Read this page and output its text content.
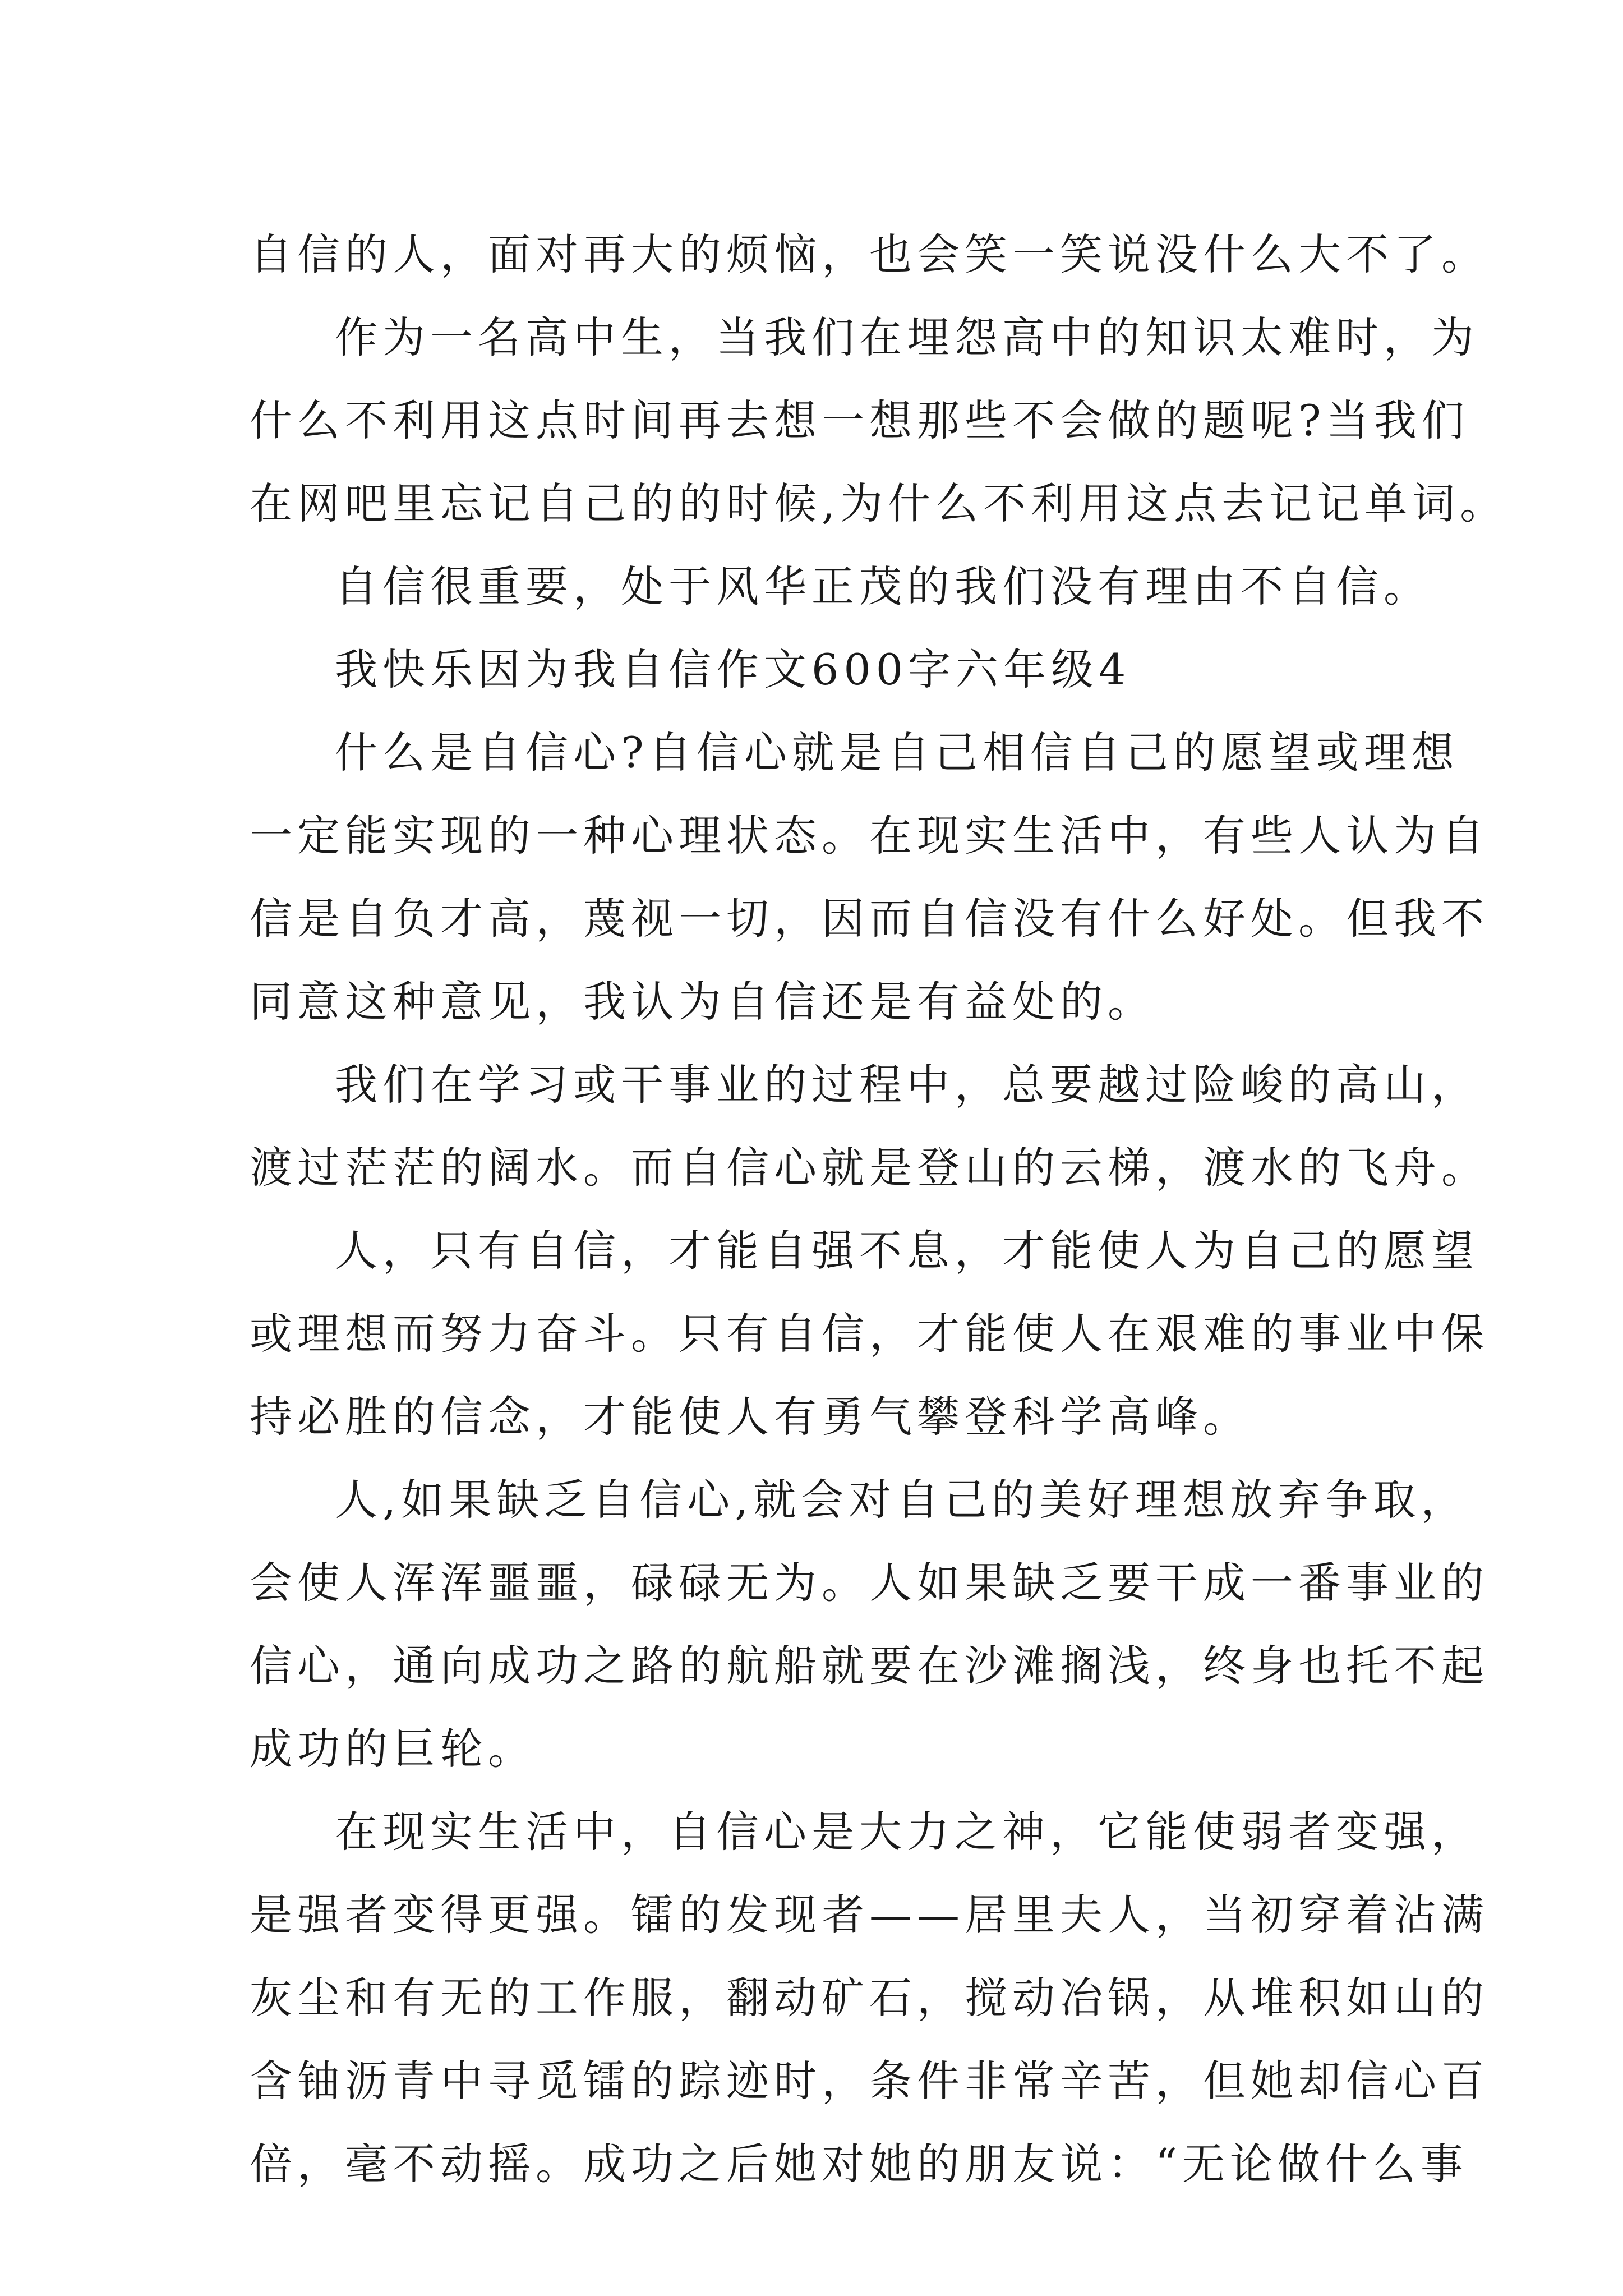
自信的人，面对再大的烦恼，也会笑一笑说没什么大不了。
作为一名高中生，当我们在埋怨高中的知识太难时，为
什么不利用这点时间再去想一想那些不会做的题呢?当我们
在网吧里忘记自己的的时候,为什么不利用这点去记记单词。
自信很重要，处于风华正茂的我们没有理由不自信。
我快乐因为我自信作文600字六年级4
什么是自信心?自信心就是自己相信自己的愿望或理想
一定能实现的一种心理状态。在现实生活中，有些人认为自
信是自负才高，蔑视一切，因而自信没有什么好处。但我不
同意这种意见，我认为自信还是有益处的。
我们在学习或干事业的过程中，总要越过险峻的高山，
渡过茫茫的阔水。而自信心就是登山的云梯，渡水的飞舟。
人，只有自信，才能自强不息，才能使人为自己的愿望
或理想而努力奋斗。只有自信，才能使人在艰难的事业中保
持必胜的信念，才能使人有勇气攀登科学高峰。
人,如果缺乏自信心,就会对自己的美好理想放弃争取，
会使人浑浑噩噩，碌碌无为。人如果缺乏要干成一番事业的
信心，通向成功之路的航船就要在沙滩搁浅，终身也托不起
成功的巨轮。
在现实生活中，自信心是大力之神，它能使弱者变强，
是强者变得更强。镭的发现者——居里夫人，当初穿着沾满
灰尘和有无的工作服，翻动矿石，搅动冶锅，从堆积如山的
含铀沥青中寻觅镭的踪迹时，条件非常辛苦，但她却信心百
倍，毫不动摇。成功之后她对她的朋友说：“无论做什么事
